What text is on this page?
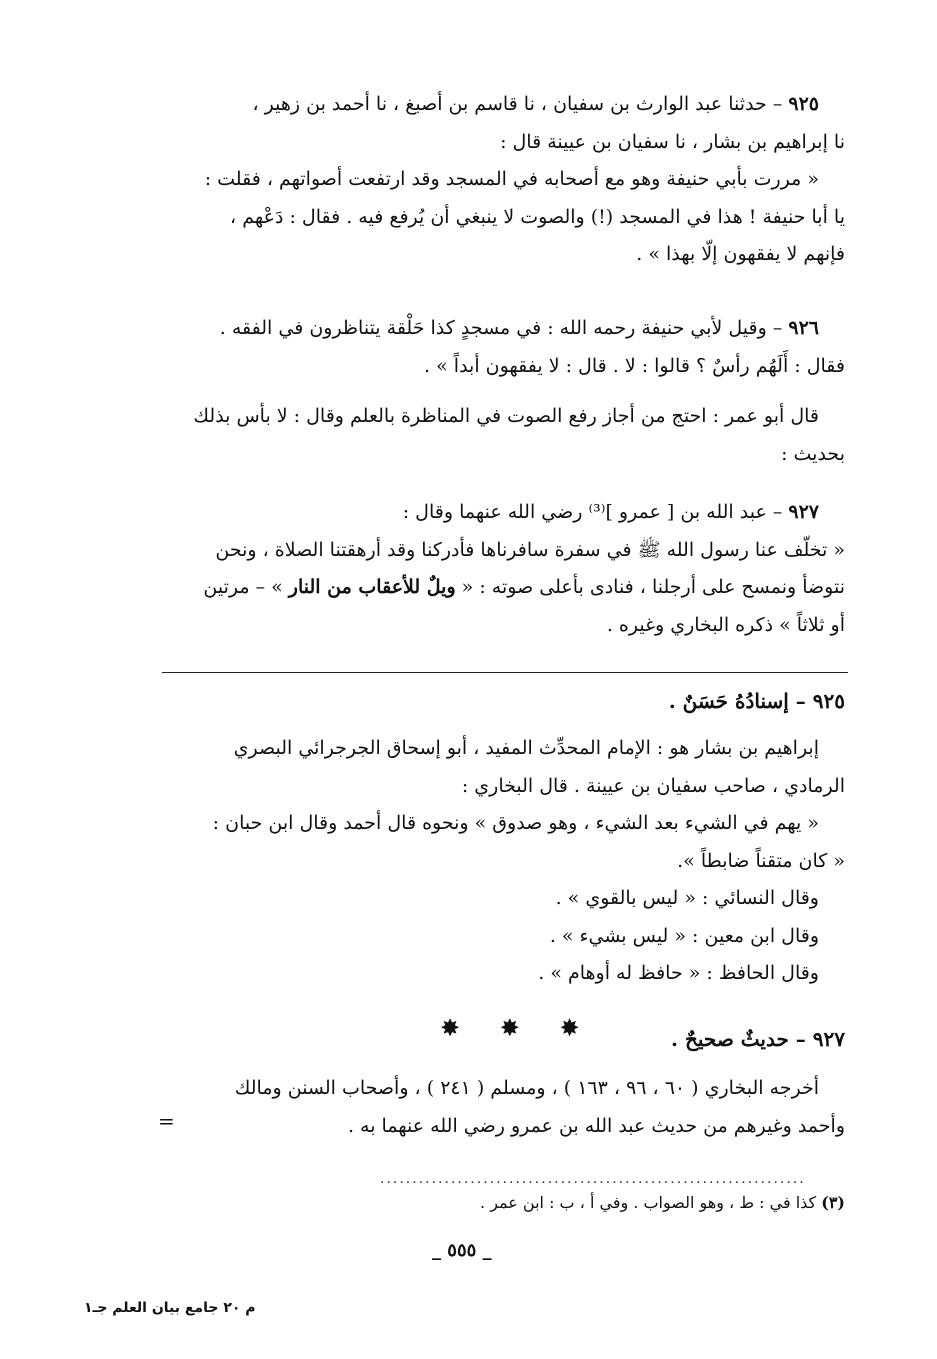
٩٢٥ – حدثنا عبد الوارث بن سفيان ، نا قاسم بن أصبغ ، نا أحمد بن زهير ،
نا إبراهيم بن بشار ، نا سفيان بن عيينة قال :
« مررت بأبي حنيفة وهو مع أصحابه في المسجد وقد ارتفعت أصواتهم ، فقلت :
يا أبا حنيفة ! هذا في المسجد (!) والصوت لا ينبغي أن يُرفع فيه . فقال : دَعْهم ،
فإنهم لا يفقهون إلّا بهذا » .
٩٢٦ – وقيل لأبي حنيفة رحمه الله : في مسجدٍ كذا حَلْقة يتناظرون في الفقه .
فقال : أَلَهُم رأسٌ ؟ قالوا : لا . قال : لا يفقهون أبداً » .
قال أبو عمر : احتج من أجاز رفع الصوت في المناظرة بالعلم وقال : لا بأس بذلك
بحديث :
٩٢٧ – عبد الله بن [ عمرو ]⁽³⁾ رضي الله عنهما وقال :
« تخلّف عنا رسول الله ﷺ في سفرة سافرناها فأدركنا وقد أرهقتنا الصلاة ، ونحن
نتوضأ ونمسح على أرجلنا ، فنادى بأعلى صوته : « ويلٌ للأعقاب من النار » – مرتين
أو ثلاثاً » ذكره البخاري وغيره .
٩٢٥ – إسنادُهُ حَسَنٌ .
إبراهيم بن بشار هو : الإمام المحدِّث المفيد ، أبو إسحاق الجرجرائي البصري
الرمادي ، صاحب سفيان بن عيينة . قال البخاري :
« يهم في الشيء بعد الشيء ، وهو صدوق » ونحوه قال أحمد وقال ابن حبان :
« كان متقناً ضابطاً ».
وقال النسائي : « ليس بالقوي » .
وقال ابن معين : « ليس بشيء » .
وقال الحافظ : « حافظ له أوهام » .
✸ ✸ ✸	٩٢٧ – حديثٌ صحيحٌ .
أخرجه البخاري ( ٦٠ ، ٩٦ ، ١٦٣ ) ، ومسلم ( ٢٤١ ) ، وأصحاب السنن ومالك
وأحمد وغيرهم من حديث عبد الله بن عمرو رضي الله عنهما به .
=
..................................................................
(٣) كذا في : ط ، وهو الصواب . وفي أ ، ب : ابن عمر .
_ ٥٥٥ _
م ٢٠ جامع بيان العلم جـ١
